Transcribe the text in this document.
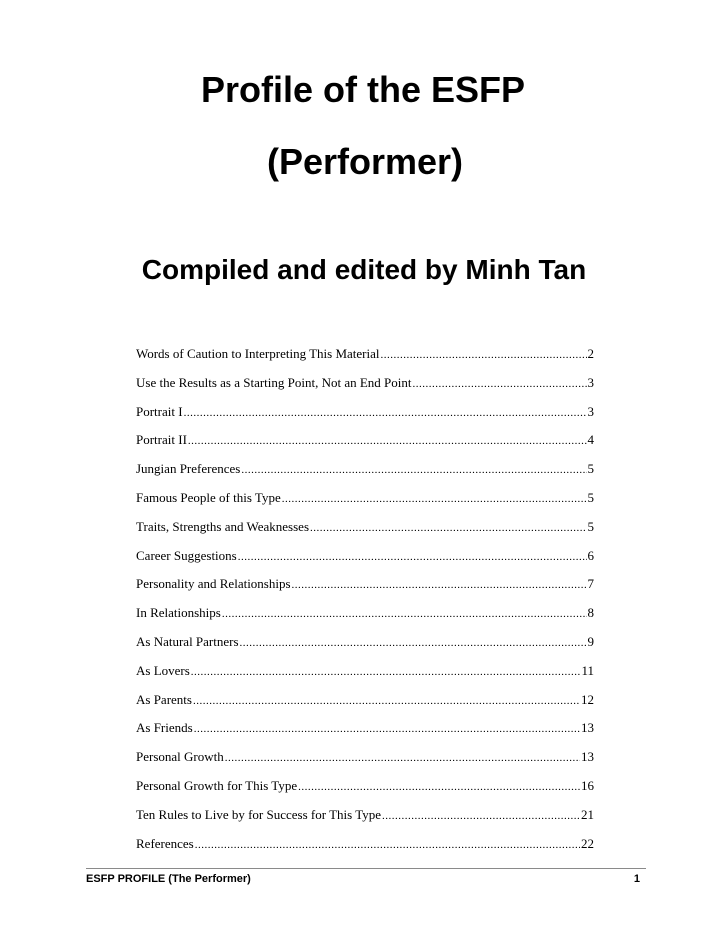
Profile of the ESFP
(Performer)
Compiled and edited by Minh Tan
Words of Caution to Interpreting This Material .....	2
Use the Results as a Starting Point, Not an End Point .....	3
Portrait I .....	3
Portrait II .....	4
Jungian Preferences .....	5
Famous People of this Type .....	5
Traits, Strengths and Weaknesses .....	5
Career Suggestions .....	6
Personality and Relationships .....	7
In Relationships .....	8
As Natural Partners .....	9
As Lovers .....	11
As Parents .....	12
As Friends .....	13
Personal Growth .....	13
Personal Growth for This Type .....	16
Ten Rules to Live by for Success for This Type .....	21
References .....	22
ESFP PROFILE (The Performer)	1
